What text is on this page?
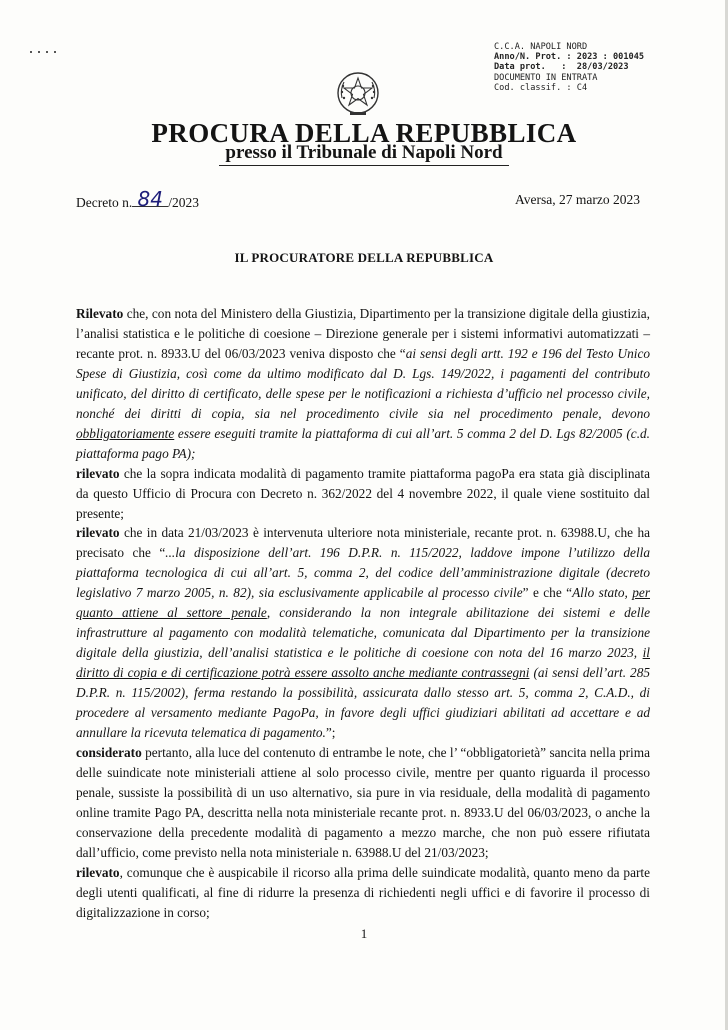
C.C.A. NAPOLI NORD
Anno/N. Prot. : 2023 : 001045
Data prot.   :  28/03/2023
DOCUMENTO IN ENTRATA
Cod. classif. : C4
PROCURA DELLA REPUBBLICA
presso il Tribunale di Napoli Nord
Decreto n. 84 /2023	Aversa, 27 marzo 2023
IL PROCURATORE DELLA REPUBBLICA

Rilevato che, con nota del Ministero della Giustizia, Dipartimento per la transizione digitale della giustizia, l’analisi statistica e le politiche di coesione – Direzione generale per i sistemi informativi automatizzati – recante prot. n. 8933.U del 06/03/2023 veniva disposto che “ai sensi degli artt. 192 e 196 del Testo Unico Spese di Giustizia, così come da ultimo modificato dal D. Lgs. 149/2022, i pagamenti del contributo unificato, del diritto di certificato, delle spese per le notificazioni a richiesta d’ufficio nel processo civile, nonché dei diritti di copia, sia nel procedimento civile sia nel procedimento penale, devono obbligatoriamente essere eseguiti tramite la piattaforma di cui all’art. 5 comma 2 del D. Lgs 82/2005 (c.d. piattaforma pago PA);

rilevato che la sopra indicata modalità di pagamento tramite piattaforma pagoPa era stata già disciplinata da questo Ufficio di Procura con Decreto n. 362/2022 del 4 novembre 2022, il quale viene sostituito dal presente;

rilevato che in data 21/03/2023 è intervenuta ulteriore nota ministeriale, recante prot. n. 63988.U, che ha precisato che “...la disposizione dell’art. 196 D.P.R. n. 115/2022, laddove impone l’utilizzo della piattaforma tecnologica di cui all’art. 5, comma 2, del codice dell’amministrazione digitale (decreto legislativo 7 marzo 2005, n. 82), sia esclusivamente applicabile al processo civile” e che “Allo stato, per quanto attiene al settore penale, considerando la non integrale abilitazione dei sistemi e delle infrastrutture al pagamento con modalità telematiche, comunicata dal Dipartimento per la transizione digitale della giustizia, dell’analisi statistica e le politiche di coesione con nota del 16 marzo 2023, il diritto di copia e di certificazione potrà essere assolto anche mediante contrassegni (ai sensi dell’art. 285 D.P.R. n. 115/2002), ferma restando la possibilità, assicurata dallo stesso art. 5, comma 2, C.A.D., di procedere al versamento mediante PagoPa, in favore degli uffici giudiziari abilitati ad accettare e ad annullare la ricevuta telematica di pagamento.”;

considerato pertanto, alla luce del contenuto di entrambe le note, che l’ “obbligatorietà” sancita nella prima delle suindicate note ministeriali attiene al solo processo civile, mentre per quanto riguarda il processo penale, sussiste la possibilità di un uso alternativo, sia pure in via residuale, della modalità di pagamento online tramite Pago PA, descritta nella nota ministeriale recante prot. n. 8933.U del 06/03/2023, o anche la conservazione della precedente modalità di pagamento a mezzo marche, che non può essere rifiutata dall’ufficio, come previsto nella nota ministeriale n. 63988.U del 21/03/2023;

rilevato, comunque che è auspicabile il ricorso alla prima delle suindicate modalità, quanto meno da parte degli utenti qualificati, al fine di ridurre la presenza di richiedenti negli uffici e di favorire il processo di digitalizzazione in corso;

1
